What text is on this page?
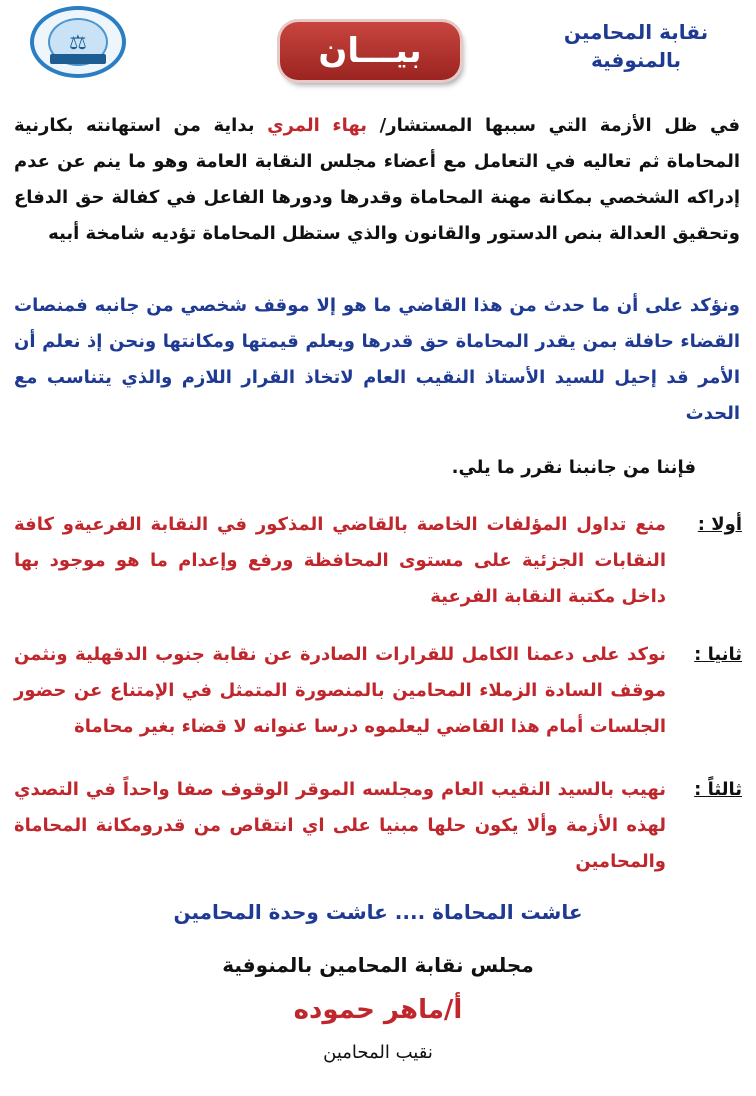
⚖	بيـــان	نقابة المحامين
بالمنوفية
في ظل الأزمة التي سببها المستشار/ بهاء المري بداية من استهانته بكارنية المحاماة ثم تعاليه في التعامل مع أعضاء مجلس النقابة العامة وهو ما ينم عن عدم إدراكه الشخصي بمكانة مهنة المحاماة وقدرها ودورها الفاعل في كفالة حق الدفاع وتحقيق العدالة بنص الدستور والقانون والذي ستظل المحاماة تؤديه شامخة أبيه
ونؤكد على أن ما حدث من هذا القاضي ما هو إلا موقف شخصي من جانبه فمنصات القضاء حافلة بمن يقدر المحاماة حق قدرها ويعلم قيمتها ومكانتها ونحن إذ نعلم أن الأمر قد إحيل للسيد الأستاذ النقيب العام لاتخاذ القرار اللازم والذي يتناسب مع الحدث
فإننا من جانبنا نقرر ما يلي.
أولا :
منع تداول المؤلفات الخاصة بالقاضي المذكور في النقابة الفرعيةو كافة النقابات الجزئية على مستوى المحافظة ورفع وإعدام ما هو موجود بها داخل مكتبة النقابة الفرعية
ثانيا :
نوكد على دعمنا الكامل للقرارات الصادرة عن نقابة جنوب الدقهلية ونثمن موقف السادة الزملاء المحامين بالمنصورة المتمثل في الإمتناع عن حضور الجلسات أمام هذا القاضي ليعلموه درسا عنوانه لا قضاء بغير محاماة
ثالثاً :
نهيب بالسيد النقيب العام ومجلسه الموقر الوقوف صفا واحداً في التصدي لهذه الأزمة وألا يكون حلها مبنيا على اي انتقاص من قدرومكانة المحاماة والمحامين
عاشت المحاماة .... عاشت وحدة المحامين
مجلس نقابة المحامين بالمنوفية
أ/ماهر حموده
نقيب المحامين
